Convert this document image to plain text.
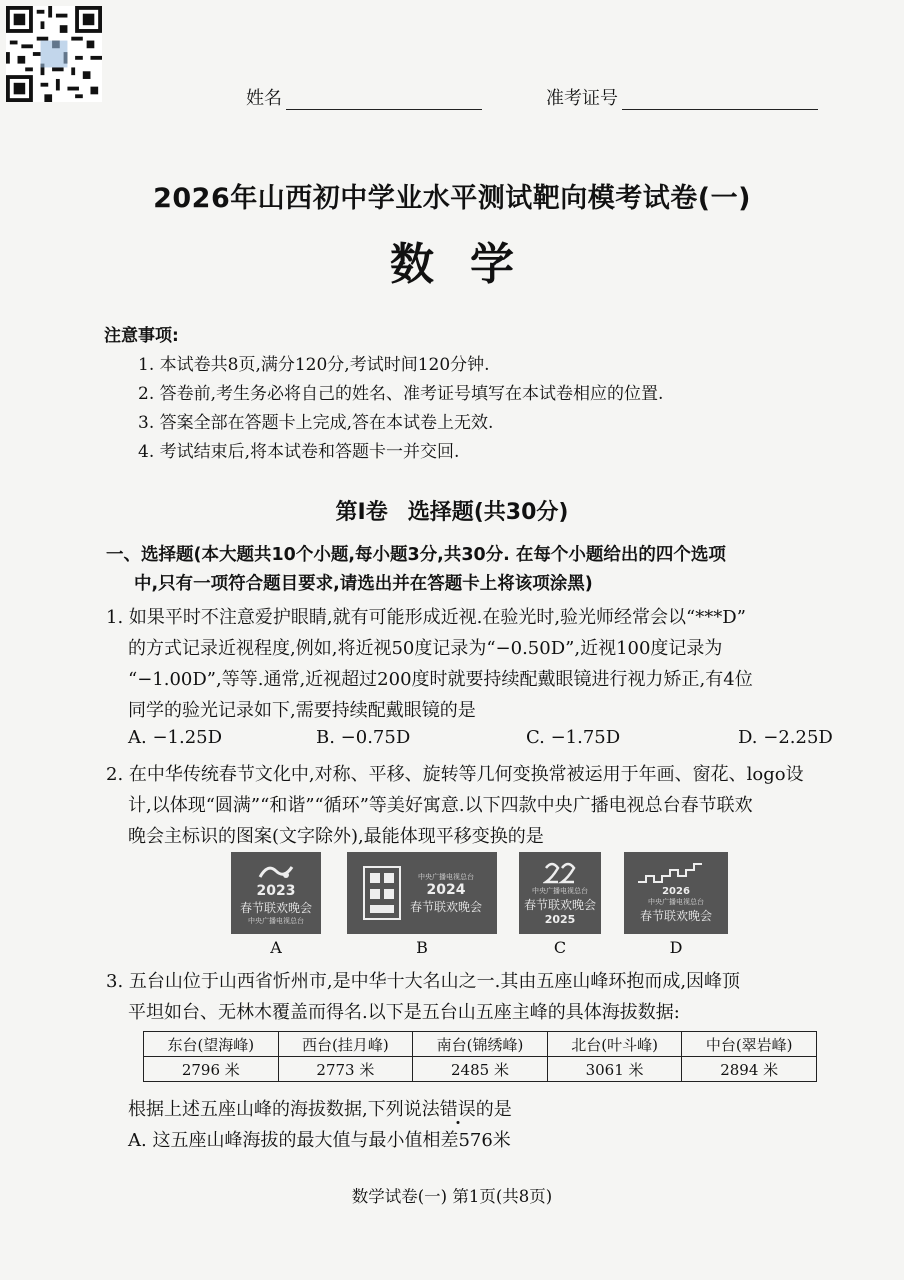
姓名	准考证号
2026年山西初中学业水平测试靶向模考试卷(一)
数学
注意事项:
1. 本试卷共8页,满分120分,考试时间120分钟.
2. 答卷前,考生务必将自己的姓名、准考证号填写在本试卷相应的位置.
3. 答案全部在答题卡上完成,答在本试卷上无效.
4. 考试结束后,将本试卷和答题卡一并交回.
第Ⅰ卷 选择题(共30分)
一、选择题(本大题共10个小题,每小题3分,共30分. 在每个小题给出的四个选项
中,只有一项符合题目要求,请选出并在答题卡上将该项涂黑)
1. 如果平时不注意爱护眼睛,就有可能形成近视.在验光时,验光师经常会以“***D”
的方式记录近视程度,例如,将近视50度记录为“−0.50D”,近视100度记录为
“−1.00D”,等等.通常,近视超过200度时就要持续配戴眼镜进行视力矫正,有4位
同学的验光记录如下,需要持续配戴眼镜的是
A. −1.25D	B. −0.75D	C. −1.75D	D. −2.25D
2. 在中华传统春节文化中,对称、平移、旋转等几何变换常被运用于年画、窗花、logo设
计,以体现“圆满”“和谐”“循环”等美好寓意.以下四款中央广播电视总台春节联欢
晚会主标识的图案(文字除外),最能体现平移变换的是
2023
春节联欢晚会
中央广播电视总台
中央广播电视总台
2024
春节联欢晚会
中央广播电视总台
春节联欢晚会
2025
2026
中央广播电视总台
春节联欢晚会
A	B	C	D
3. 五台山位于山西省忻州市,是中华十大名山之一.其由五座山峰环抱而成,因峰顶
平坦如台、无林木覆盖而得名.以下是五台山五座主峰的具体海拔数据:
东台(望海峰)	西台(挂月峰)	南台(锦绣峰)	北台(叶斗峰)	中台(翠岩峰)
2796 米	2773 米	2485 米	3061 米	2894 米
根据上述五座山峰的海拔数据,下列说法错误的是
A. 这五座山峰海拔的最大值与最小值相差576米
数学试卷(一) 第1页(共8页)
